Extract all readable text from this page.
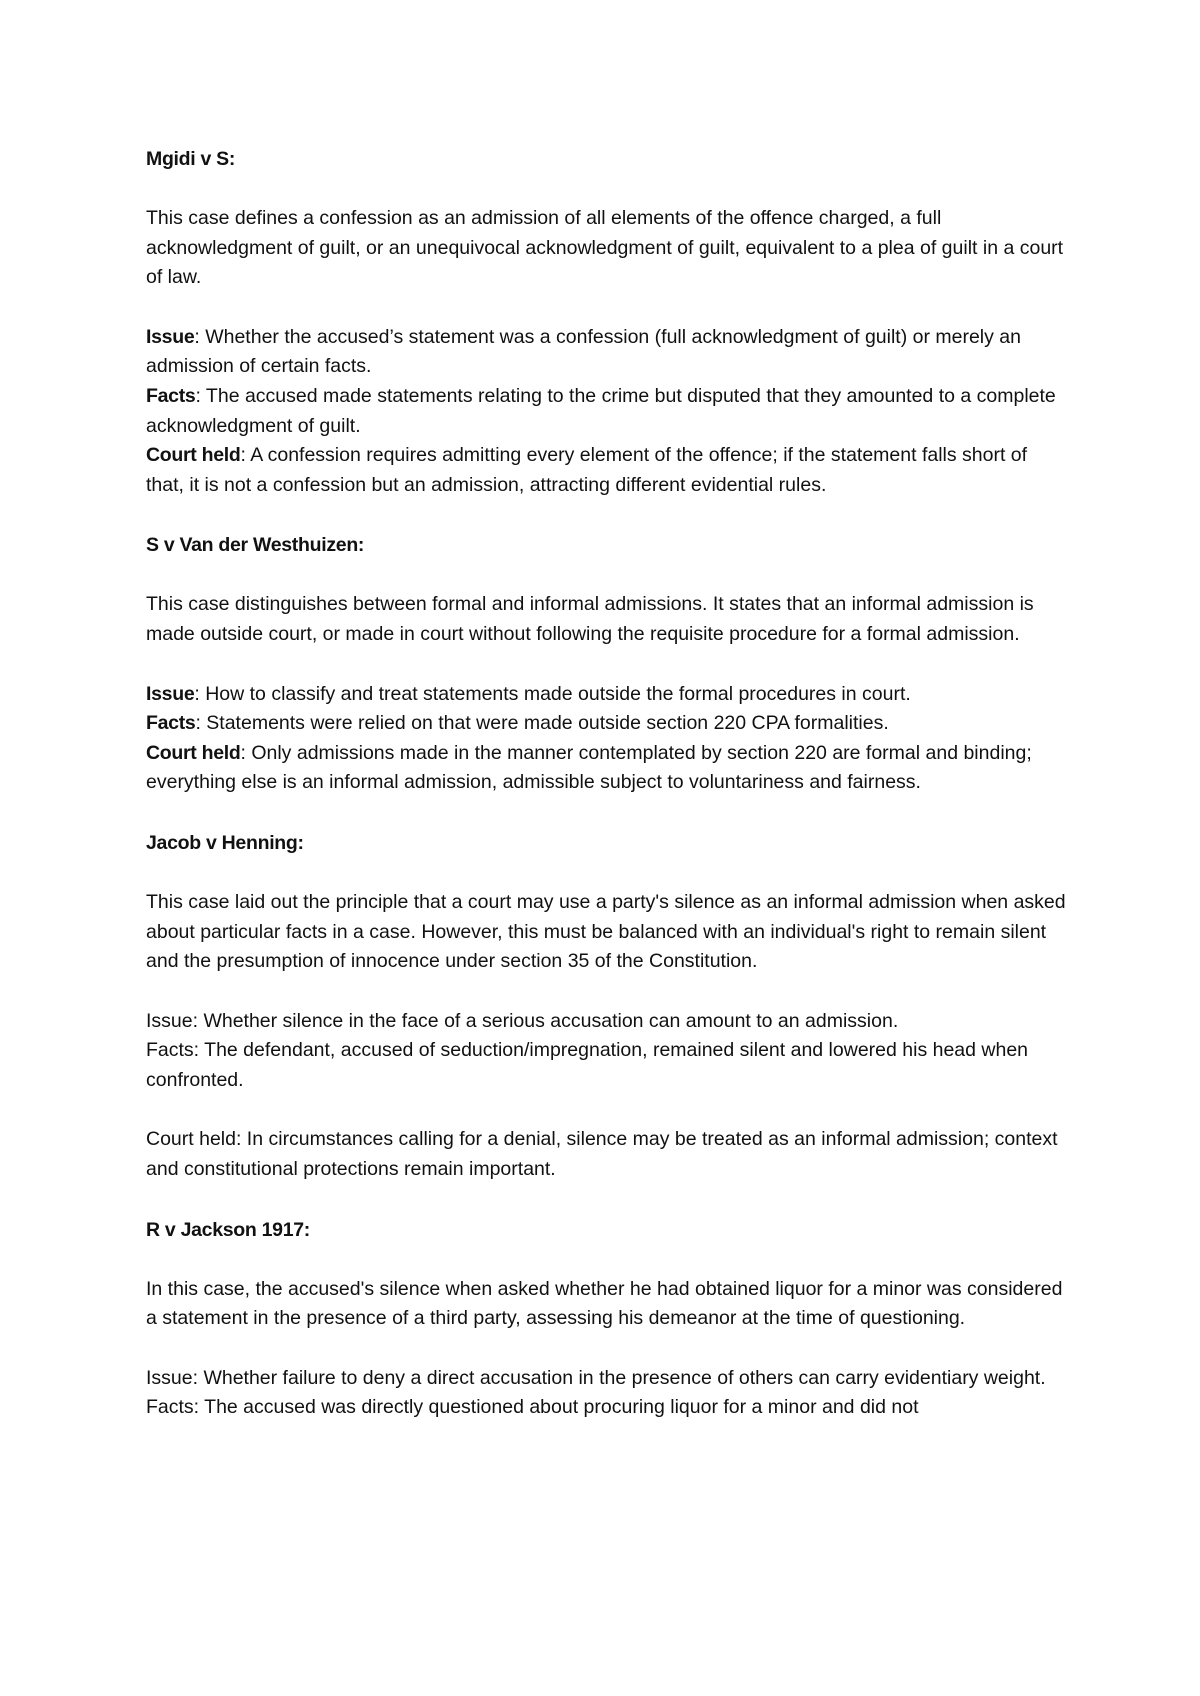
Mgidi v S:

This case defines a confession as an admission of all elements of the offence charged, a full acknowledgment of guilt, or an unequivocal acknowledgment of guilt, equivalent to a plea of guilt in a court of law.

Issue: Whether the accused’s statement was a confession (full acknowledgment of guilt) or merely an admission of certain facts.

Facts: The accused made statements relating to the crime but disputed that they amounted to a complete acknowledgment of guilt.

Court held: A confession requires admitting every element of the offence; if the statement falls short of that, it is not a confession but an admission, attracting different evidential rules.

S v Van der Westhuizen:

This case distinguishes between formal and informal admissions. It states that an informal admission is made outside court, or made in court without following the requisite procedure for a formal admission.

Issue: How to classify and treat statements made outside the formal procedures in court.

Facts: Statements were relied on that were made outside section 220 CPA formalities.

Court held: Only admissions made in the manner contemplated by section 220 are formal and binding; everything else is an informal admission, admissible subject to voluntariness and fairness.

Jacob v Henning:

This case laid out the principle that a court may use a party's silence as an informal admission when asked about particular facts in a case. However, this must be balanced with an individual's right to remain silent and the presumption of innocence under section 35 of the Constitution.

Issue: Whether silence in the face of a serious accusation can amount to an admission.

Facts: The defendant, accused of seduction/impregnation, remained silent and lowered his head when confronted.

Court held: In circumstances calling for a denial, silence may be treated as an informal admission; context and constitutional protections remain important.

R v Jackson 1917:

In this case, the accused's silence when asked whether he had obtained liquor for a minor was considered a statement in the presence of a third party, assessing his demeanor at the time of questioning.

Issue: Whether failure to deny a direct accusation in the presence of others can carry evidentiary weight.

Facts: The accused was directly questioned about procuring liquor for a minor and did not
